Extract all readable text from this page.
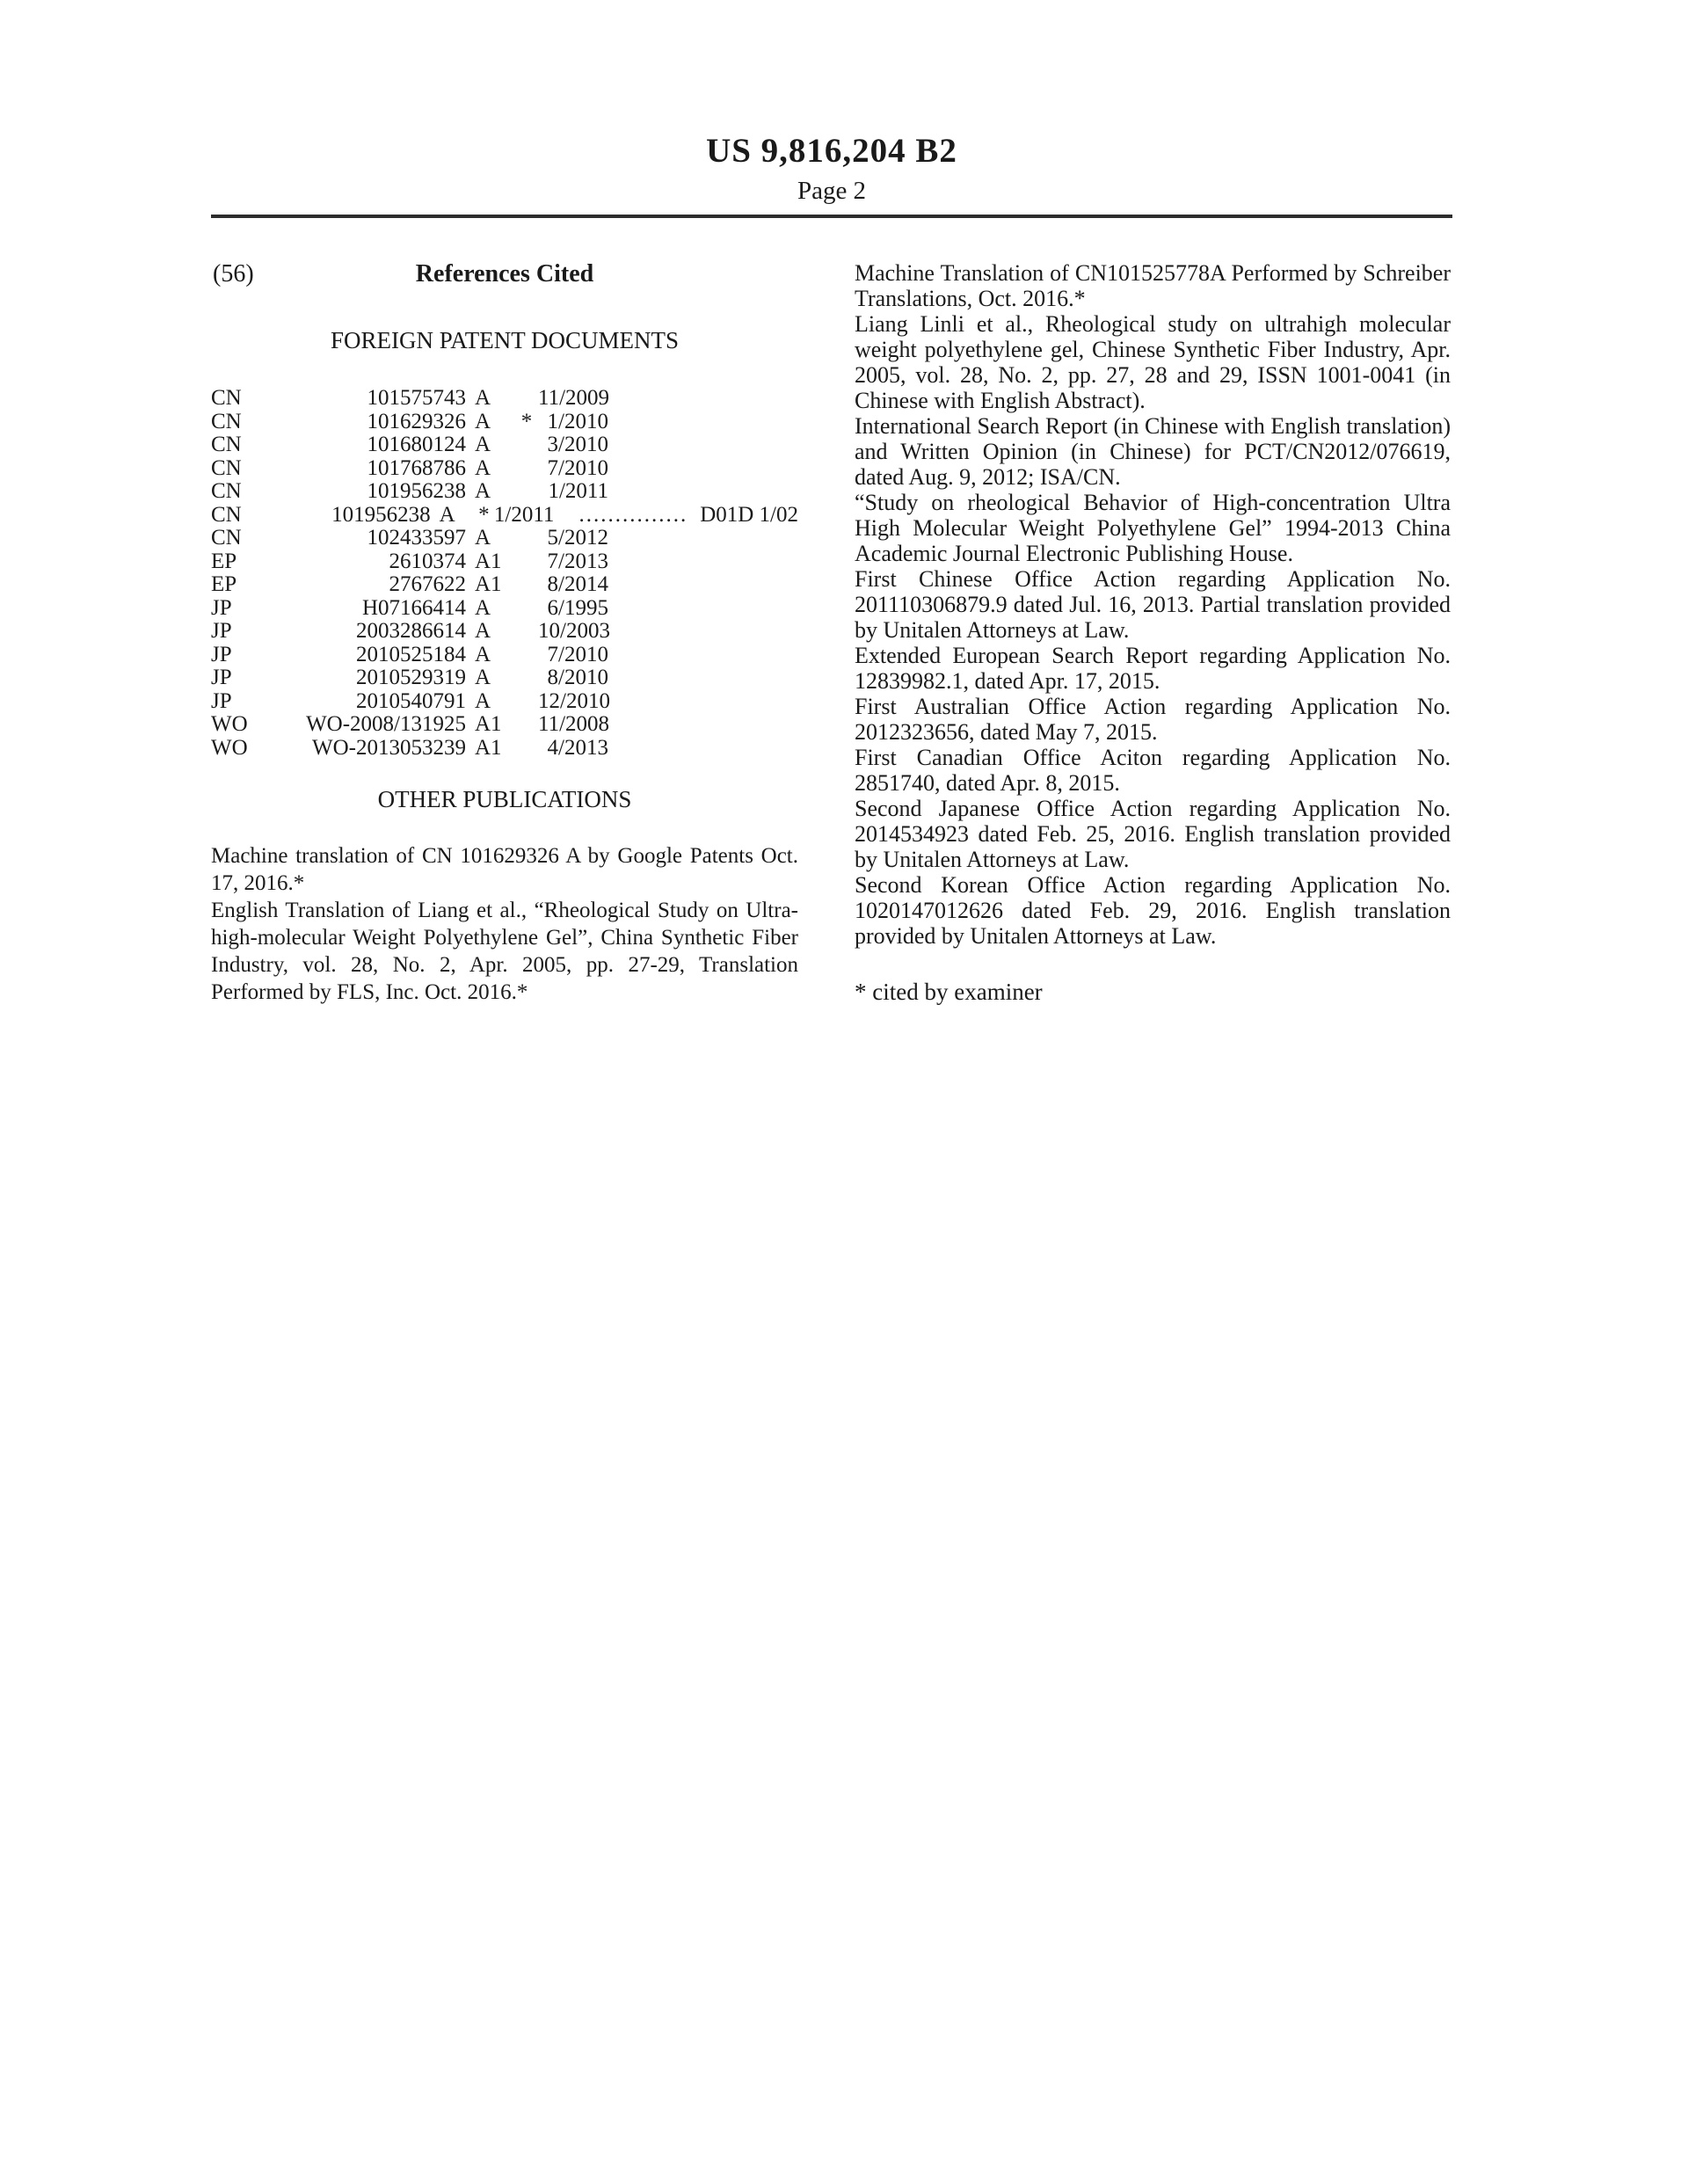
US 9,816,204 B2
Page 2
(56)	References Cited
FOREIGN PATENT DOCUMENTS
CN	101575743 A	11/2009
CN	101629326 A	* 1/2010
CN	101680124 A	3/2010
CN	101768786 A	7/2010
CN	101956238 A	1/2011
CN	101956238 A	* 1/2011	............... D01D 1/02
CN	102433597 A	5/2012
EP	2610374 A1	7/2013
EP	2767622 A1	8/2014
JP	H07166414 A	6/1995
JP	2003286614 A	10/2003
JP	2010525184 A	7/2010
JP	2010529319 A	8/2010
JP	2010540791 A	12/2010
WO	WO-2008/131925 A1	11/2008
WO	WO-2013053239 A1	4/2013
OTHER PUBLICATIONS

Machine translation of CN 101629326 A by Google Patents Oct. 17, 2016.*

English Translation of Liang et al., “Rheological Study on Ultra-high-molecular Weight Polyethylene Gel”, China Synthetic Fiber Industry, vol. 28, No. 2, Apr. 2005, pp. 27-29, Translation Performed by FLS, Inc. Oct. 2016.*

Machine Translation of CN101525778A Performed by Schreiber Translations, Oct. 2016.*

Liang Linli et al., Rheological study on ultrahigh molecular weight polyethylene gel, Chinese Synthetic Fiber Industry, Apr. 2005, vol. 28, No. 2, pp. 27, 28 and 29, ISSN 1001-0041 (in Chinese with English Abstract).

International Search Report (in Chinese with English translation) and Written Opinion (in Chinese) for PCT/CN2012/076619, dated Aug. 9, 2012; ISA/CN.

“Study on rheological Behavior of High-concentration Ultra High Molecular Weight Polyethylene Gel” 1994-2013 China Academic Journal Electronic Publishing House.

First Chinese Office Action regarding Application No. 201110306879.9 dated Jul. 16, 2013. Partial translation provided by Unitalen Attorneys at Law.

Extended European Search Report regarding Application No. 12839982.1, dated Apr. 17, 2015.

First Australian Office Action regarding Application No. 2012323656, dated May 7, 2015.

First Canadian Office Aciton regarding Application No. 2851740, dated Apr. 8, 2015.

Second Japanese Office Action regarding Application No. 2014534923 dated Feb. 25, 2016. English translation provided by Unitalen Attorneys at Law.

Second Korean Office Action regarding Application No. 1020147012626 dated Feb. 29, 2016. English translation provided by Unitalen Attorneys at Law.

* cited by examiner
